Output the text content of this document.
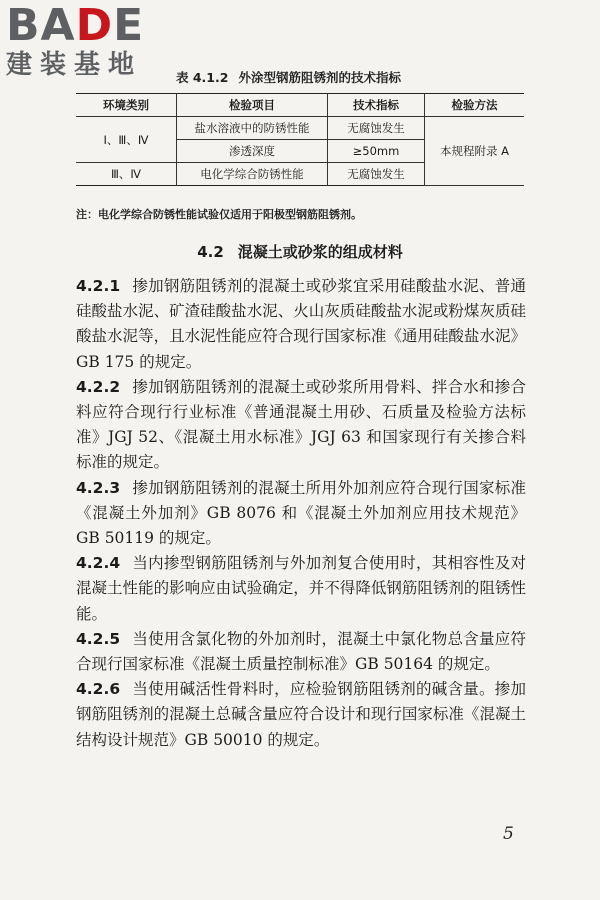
BADE
建装基地	表 4.1.2 外涂型钢筋阻锈剂的技术指标
环境类别	检验项目	技术指标	检验方法
Ⅰ、Ⅲ、Ⅳ	盐水溶液中的防锈性能	无腐蚀发生	本规程附录 A
	渗透深度	≥50mm	
Ⅲ、Ⅳ	电化学综合防锈性能	无腐蚀发生	
注：电化学综合防锈性能试验仅适用于阳极型钢筋阻锈剂。
4.2 混凝土或砂浆的组成材料

4.2.1 掺加钢筋阻锈剂的混凝土或砂浆宜采用硅酸盐水泥、普通硅酸盐水泥、矿渣硅酸盐水泥、火山灰质硅酸盐水泥或粉煤灰质硅酸盐水泥等，且水泥性能应符合现行国家标准《通用硅酸盐水泥》GB 175 的规定。

4.2.2 掺加钢筋阻锈剂的混凝土或砂浆所用骨料、拌合水和掺合料应符合现行行业标准《普通混凝土用砂、石质量及检验方法标准》JGJ 52、《混凝土用水标准》JGJ 63 和国家现行有关掺合料标准的规定。

4.2.3 掺加钢筋阻锈剂的混凝土所用外加剂应符合现行国家标准《混凝土外加剂》GB 8076 和《混凝土外加剂应用技术规范》GB 50119 的规定。

4.2.4 当内掺型钢筋阻锈剂与外加剂复合使用时，其相容性及对混凝土性能的影响应由试验确定，并不得降低钢筋阻锈剂的阻锈性能。

4.2.5 当使用含氯化物的外加剂时，混凝土中氯化物总含量应符合现行国家标准《混凝土质量控制标准》GB 50164 的规定。

4.2.6 当使用碱活性骨料时，应检验钢筋阻锈剂的碱含量。掺加钢筋阻锈剂的混凝土总碱含量应符合设计和现行国家标准《混凝土结构设计规范》GB 50010 的规定。

5
